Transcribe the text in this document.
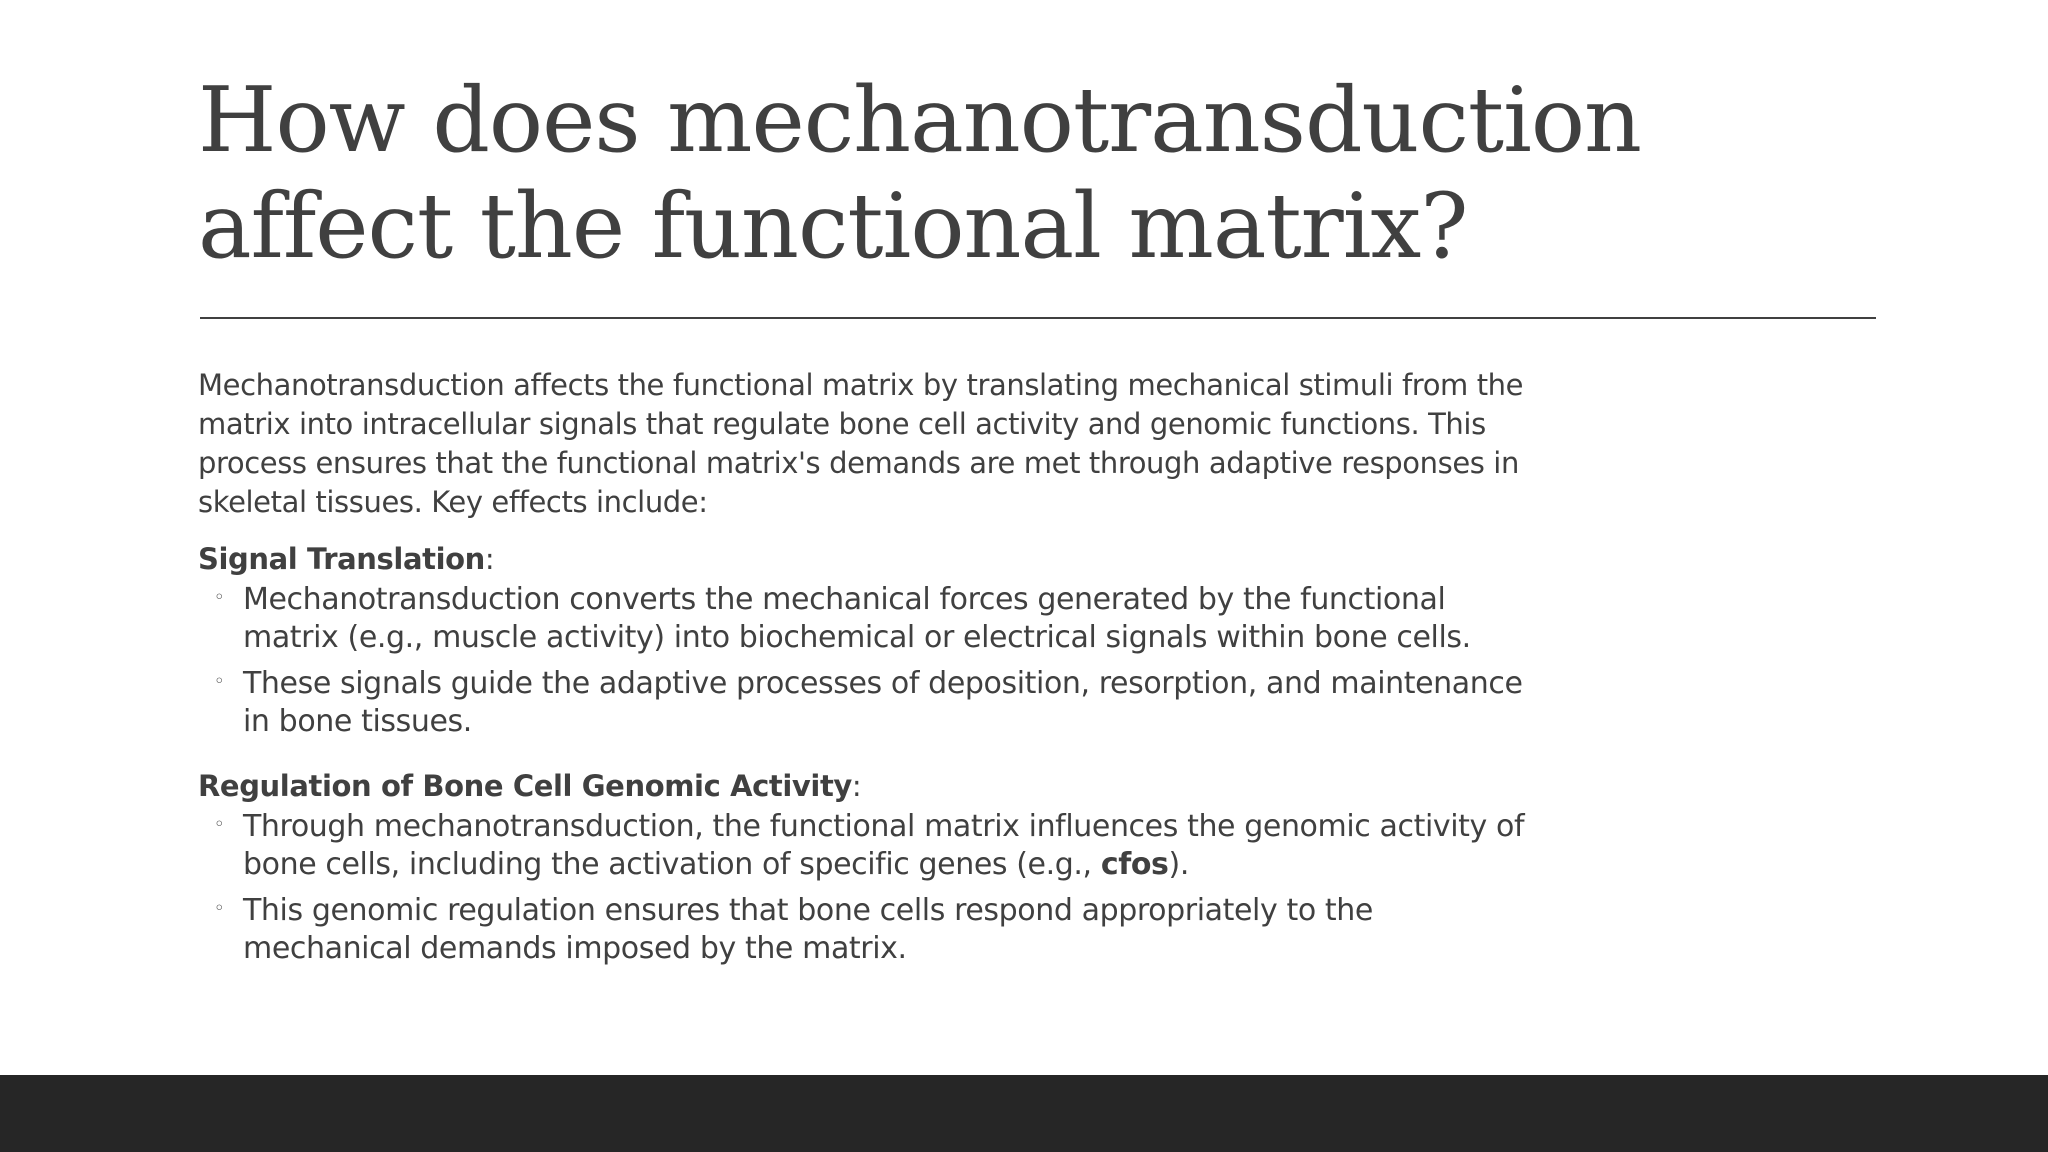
How does mechanotransduction affect the functional matrix?

Mechanotransduction affects the functional matrix by translating mechanical stimuli from the matrix into intracellular signals that regulate bone cell activity and genomic functions. This process ensures that the functional matrix's demands are met through adaptive responses in skeletal tissues. Key effects include:

Signal Translation:

◦ Mechanotransduction converts the mechanical forces generated by the functional matrix (e.g., muscle activity) into biochemical or electrical signals within bone cells.
◦ These signals guide the adaptive processes of deposition, resorption, and maintenance in bone tissues.

Regulation of Bone Cell Genomic Activity:

◦ Through mechanotransduction, the functional matrix influences the genomic activity of bone cells, including the activation of specific genes (e.g., cfos).
◦ This genomic regulation ensures that bone cells respond appropriately to the mechanical demands imposed by the matrix.
